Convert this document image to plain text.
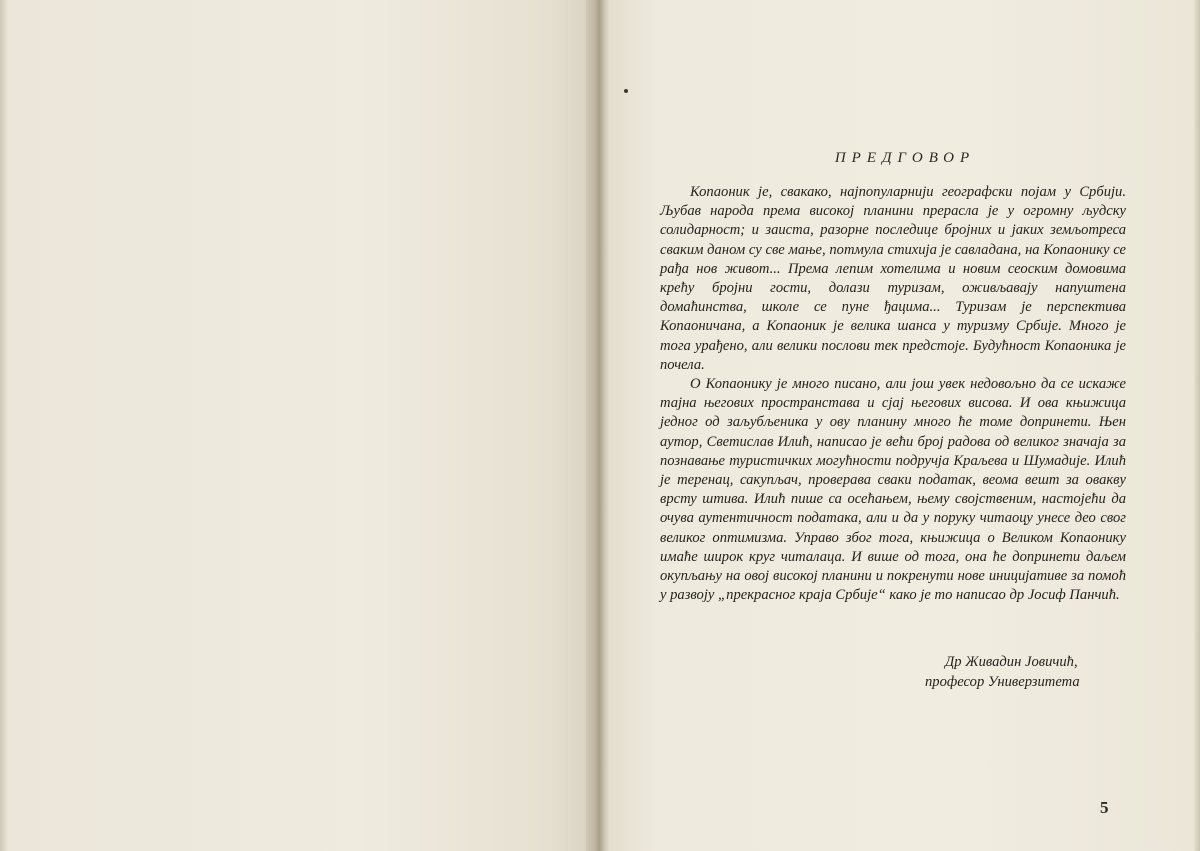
ПРЕДГОВОР

Копаоник је, свакако, најпопуларнији географски појам у Србији. Љубав народа према високој планини прерасла је у огромну људску солидарност; и заиста, разорне последице бројних и јаких земљотреса сваким даном су све мање, потмула стихија је савладана, на Копаонику се рађа нов живот... Према лепим хотелима и новим сеоским домовима крећу бројни гости, долази туризам, оживљавају напуштена домаћинства, школе се пуне ђацима... Туризам је перспектива Копаоничана, а Копаоник је велика шанса у туризму Србије. Много је тога урађено, али велики послови тек предстоје. Будућност Копаоника је почела.

О Копаонику је много писано, али још увек недовољно да се искаже тајна његових пространстава и сјај његових висова. И ова књижица једног од заљубљеника у ову планину много ће томе допринети. Њен аутор, Светислав Илић, написао је већи број радова од великог значаја за познавање туристичких могућности подручја Краљева и Шумадије. Илић је теренац, сакупљач, проверава сваки податак, веома вешт за овакву врсту штива. Илић пише са осећањем, њему својственим, настојећи да очува аутентичност података, али и да у поруку читаоцу унесе део свог великог оптимизма. Управо због тога, књижица о Великом Копаонику имаће широк круг читалаца. И више од тога, она ће допринети даљем окупљању на овој високој планини и покренути нове иницијативе за помоћ у развоју „прекрасног краја Србије“ како је то написао др Јосиф Панчић.

Др Живадин Јовичић,
професор Универзитета
5
